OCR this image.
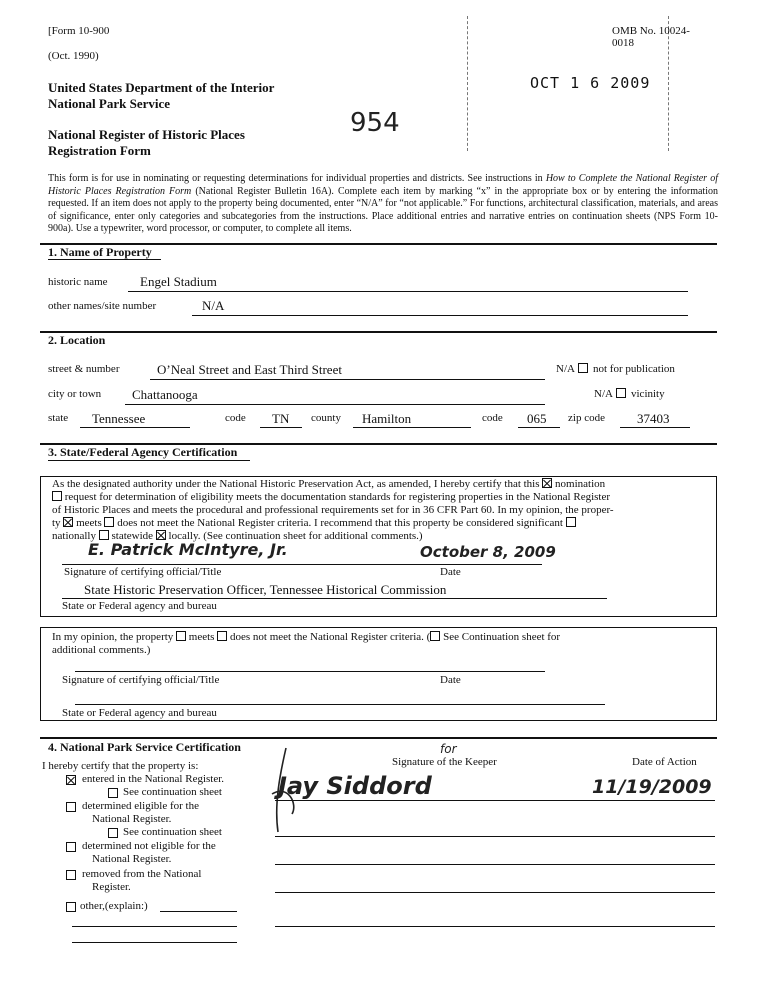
[Form 10-900
(Oct. 1990)
United States Department of the Interior
National Park Service
National Register of Historic Places
Registration Form
OMB No. 10024-
0018
OCT 1 6 2009
954
This form is for use in nominating or requesting determinations for individual properties and districts. See instructions in How to Complete the National Register of Historic Places Registration Form (National Register Bulletin 16A). Complete each item by marking “x” in the appropriate box or by entering the information requested. If an item does not apply to the property being documented, enter “N/A” for “not applicable.” For functions, architectural classification, materials, and areas of significance, enter only categories and subcategories from the instructions. Place additional entries and narrative entries on continuation sheets (NPS Form 10-900a). Use a typewriter, word processor, or computer, to complete all items.
1. Name of Property
historic name Engel Stadium
other names/site number	N/A
2. Location
street & number	O’Neal Street and East Third Street	N/A not for publication
city or town Chattanooga	N/A vicinity
state Tennessee	code TN county Hamilton	code 065 zip code 37403
3. State/Federal Agency Certification
As the designated authority under the National Historic Preservation Act, as amended, I hereby certify that this nomination
request for determination of eligibility meets the documentation standards for registering properties in the National Register
of Historic Places and meets the procedural and professional requirements set for in 36 CFR Part 60. In my opinion, the proper-
ty meets does not meet the National Register criteria. I recommend that this property be considered significant
nationally statewide locally. (See continuation sheet for additional comments.)
E. Patrick McIntyre, Jr.	October 8, 2009
Signature of certifying official/Title	Date
State Historic Preservation Officer, Tennessee Historical Commission
State or Federal agency and bureau
In my opinion, the property meets does not meet the National Register criteria. ( See Continuation sheet for
additional comments.)
Signature of certifying official/Title	Date
State or Federal agency and bureau
4. National Park Service Certification
I hereby certify that the property is:
entered in the National Register.
See continuation sheet
determined eligible for the
National Register.
See continuation sheet
determined not eligible for the
National Register.
removed from the National
Register.
other,(explain:)
Signature of the Keeper	Date of Action
for
Jay Siddord	11/19/2009
